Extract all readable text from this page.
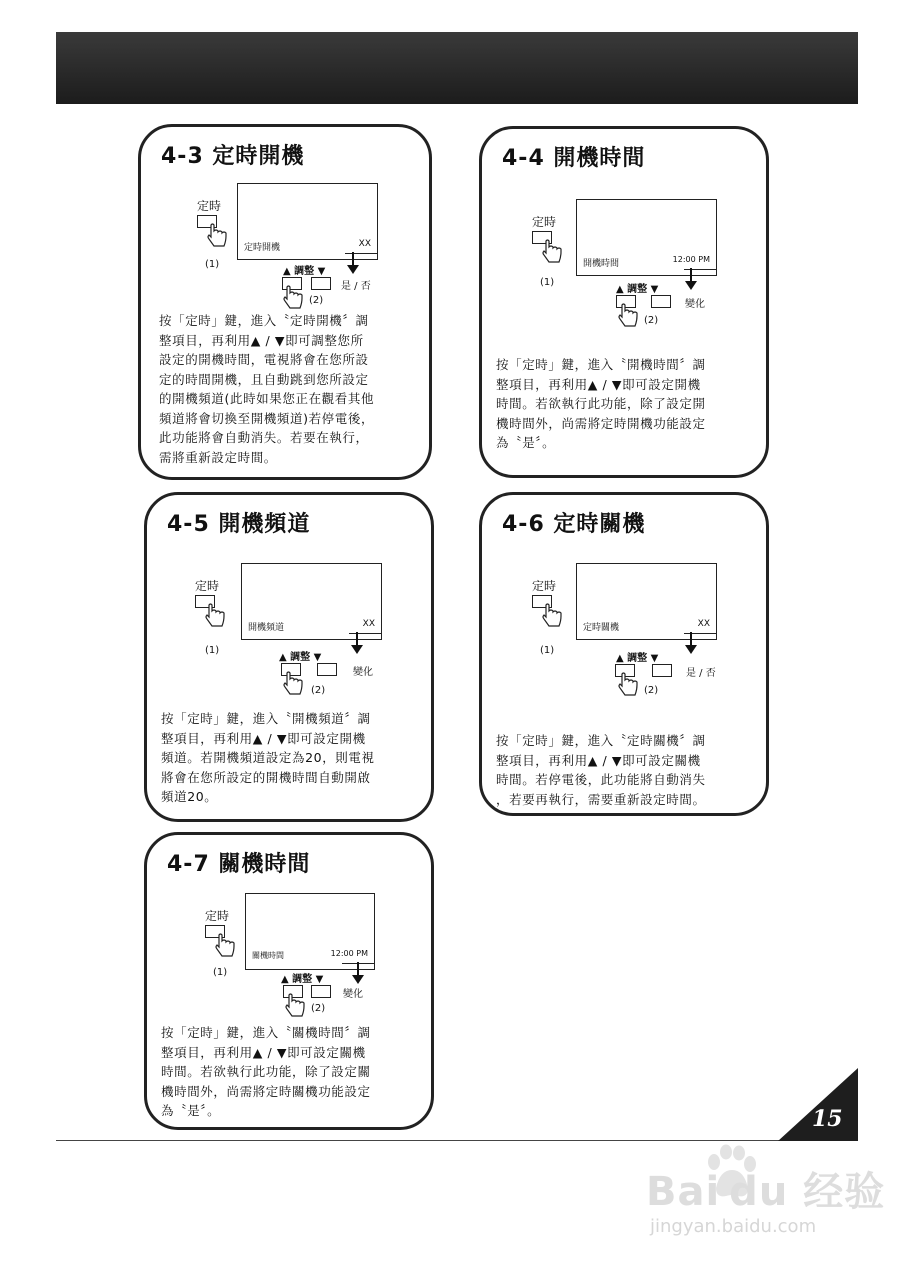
4-3 定時開機
定時
(1)
定時開機	XX
▲ 調整 ▼
是 / 否
(2)

按「定時」鍵，進入〝定時開機〞調
整項目，再利用▲ / ▼即可調整您所
設定的開機時間，電視將會在您所設
定的時間開機，且自動跳到您所設定
的開機頻道(此時如果您正在觀看其他
頻道將會切換至開機頻道)若停電後，
此功能將會自動消失。若要在執行，
需將重新設定時間。

4-4 開機時間
定時
(1)
開機時間	12:00 PM
▲ 調整 ▼
變化
(2)

按「定時」鍵，進入〝開機時間〞調
整項目，再利用▲ / ▼即可設定開機
時間。若欲執行此功能，除了設定開
機時間外，尚需將定時開機功能設定
為〝是〞。

4-5 開機頻道
定時
(1)
開機頻道	XX
▲ 調整 ▼
變化
(2)

按「定時」鍵，進入〝開機頻道〞調
整項目，再利用▲ / ▼即可設定開機
頻道。若開機頻道設定為20，則電視
將會在您所設定的開機時間自動開啟
頻道20。

4-6 定時關機
定時
(1)
定時關機	XX
▲ 調整 ▼
是 / 否
(2)

按「定時」鍵，進入〝定時關機〞調
整項目，再利用▲ / ▼即可設定關機
時間。若停電後，此功能將自動消失
，若要再執行，需要重新設定時間。

4-7 關機時間
定時
(1)
關機時間	12:00 PM
▲ 調整 ▼
變化
(2)

按「定時」鍵，進入〝關機時間〞調
整項目，再利用▲ / ▼即可設定關機
時間。若欲執行此功能，除了設定關
機時間外，尚需將定時關機功能設定
為〝是〞。	15
Bai du 经验
jingyan.baidu.com
